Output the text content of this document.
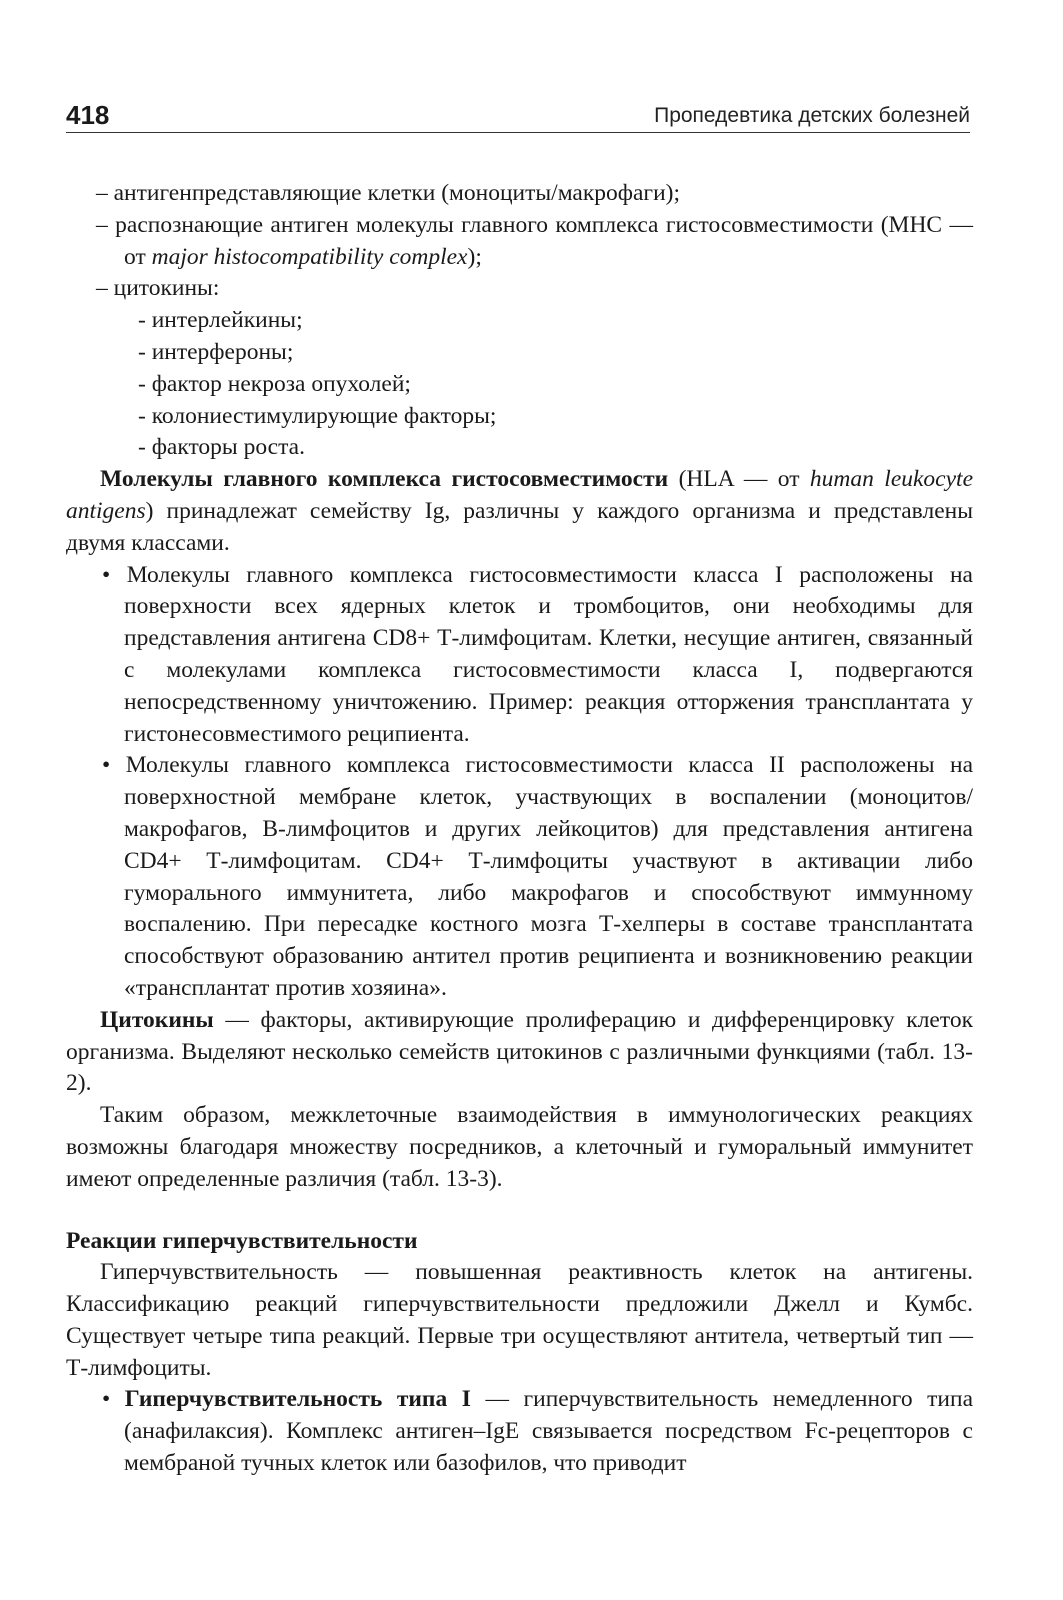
418	Пропедевтика детских болезней

– антигенпредставляющие клетки (моноциты/макрофаги);

– распознающие антиген молекулы главного комплекса гистосовместимости (МНС — от major histocompatibility complex);

– цитокины:

- интерлейкины;

- интерфероны;

- фактор некроза опухолей;

- колониестимулирующие факторы;

- факторы роста.

Молекулы главного комплекса гистосовместимости (HLA — от human leukocyte antigens) принадлежат семейству Ig, различны у каждого организма и представлены двумя классами.

• Молекулы главного комплекса гистосовместимости класса I расположены на поверхности всех ядерных клеток и тромбоцитов, они необходимы для представления антигена CD8+ Т-лимфоцитам. Клетки, несущие антиген, связанный с молекулами комплекса гистосовместимости класса I, подвергаются непосредственному уничтожению. Пример: реакция отторжения трансплантата у гистонесовместимого реципиента.

• Молекулы главного комплекса гистосовместимости класса II расположены на поверхностной мембране клеток, участвующих в воспалении (моноцитов/макрофагов, В-лимфоцитов и других лейкоцитов) для представления антигена CD4+ Т-лимфоцитам. CD4+ Т-лимфоциты участвуют в активации либо гуморального иммунитета, либо макрофагов и способствуют иммунному воспалению. При пересадке костного мозга Т-хелперы в составе трансплантата способствуют образованию антител против реципиента и возникновению реакции «трансплантат против хозяина».

Цитокины — факторы, активирующие пролиферацию и дифференцировку клеток организма. Выделяют несколько семейств цитокинов с различными функциями (табл. 13-2).

Таким образом, межклеточные взаимодействия в иммунологических реакциях возможны благодаря множеству посредников, а клеточный и гуморальный иммунитет имеют определенные различия (табл. 13-3).

Реакции гиперчувствительности

Гиперчувствительность — повышенная реактивность клеток на антигены. Классификацию реакций гиперчувствительности предложили Джелл и Кумбс. Существует четыре типа реакций. Первые три осуществляют антитела, четвертый тип — Т-лимфоциты.

• Гиперчувствительность типа I — гиперчувствительность немедленного типа (анафилаксия). Комплекс антиген–IgE связывается посредством Fc-рецепторов с мембраной тучных клеток или базофилов, что приводит
